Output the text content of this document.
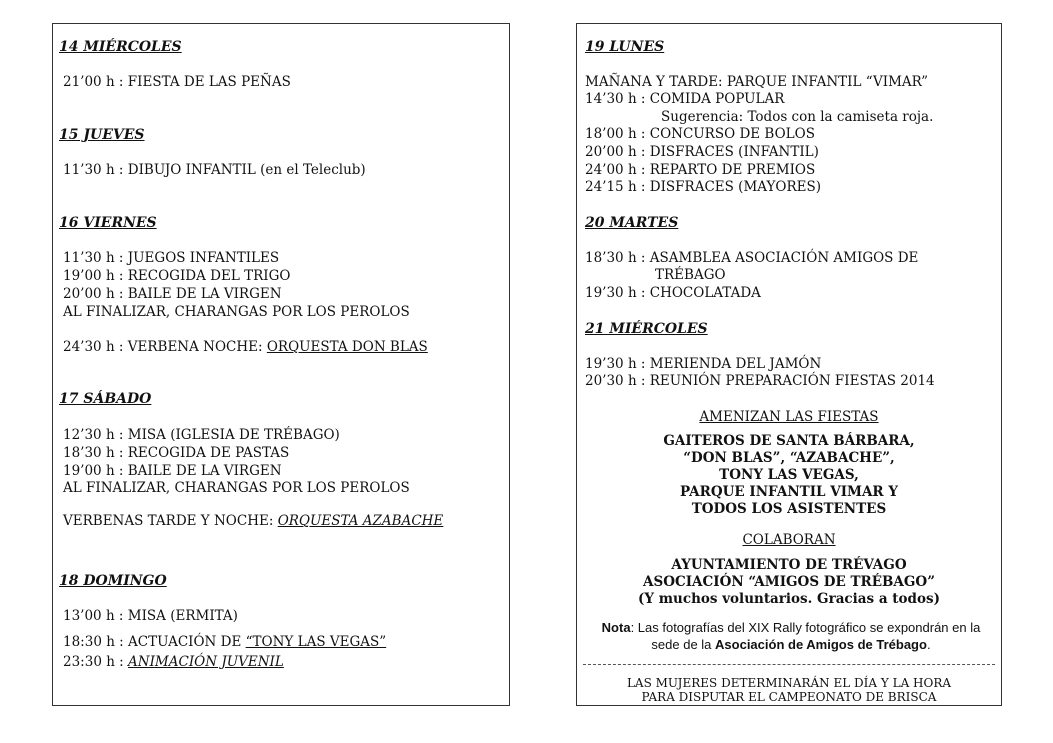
14 MIÉRCOLES
21’00 h : FIESTA DE LAS PEÑAS
15 JUEVES
11’30 h : DIBUJO INFANTIL (en el Teleclub)
16 VIERNES
11’30 h : JUEGOS INFANTILES
19’00 h : RECOGIDA DEL TRIGO
20’00 h : BAILE DE LA VIRGEN
AL FINALIZAR, CHARANGAS POR LOS PEROLOS
24’30 h : VERBENA NOCHE: ORQUESTA DON BLAS
17 SÁBADO
12’30 h : MISA (IGLESIA DE TRÉBAGO)
18’30 h : RECOGIDA DE PASTAS
19’00 h : BAILE DE LA VIRGEN
AL FINALIZAR, CHARANGAS POR LOS PEROLOS
VERBENAS TARDE Y NOCHE: ORQUESTA AZABACHE
18 DOMINGO
13’00 h : MISA (ERMITA)
18:30 h : ACTUACIÓN DE “TONY LAS VEGAS”
23:30 h : ANIMACIÓN JUVENIL
19 LUNES
MAÑANA Y TARDE: PARQUE INFANTIL “VIMAR”
14’30 h : COMIDA POPULAR
Sugerencia: Todos con la camiseta roja.
18’00 h : CONCURSO DE BOLOS
20’00 h : DISFRACES (INFANTIL)
24’00 h : REPARTO DE PREMIOS
24’15 h : DISFRACES (MAYORES)
20 MARTES
18’30 h : ASAMBLEA ASOCIACIÓN AMIGOS DE
TRÉBAGO
19’30 h : CHOCOLATADA
21 MIÉRCOLES
19’30 h : MERIENDA DEL JAMÓN
20’30 h : REUNIÓN PREPARACIÓN FIESTAS 2014
AMENIZAN LAS FIESTAS
GAITEROS DE SANTA BÁRBARA,
“DON BLAS”, “AZABACHE”,
TONY LAS VEGAS,
PARQUE INFANTIL VIMAR Y
TODOS LOS ASISTENTES
COLABORAN
AYUNTAMIENTO DE TRÉVAGO
ASOCIACIÓN “AMIGOS DE TRÉBAGO”
(Y muchos voluntarios. Gracias a todos)
Nota: Las fotografías del XIX Rally fotográfico se expondrán en la sede de la Asociación de Amigos de Trébago.
LAS MUJERES DETERMINARÁN EL DÍA Y LA HORA
PARA DISPUTAR EL CAMPEONATO DE BRISCA
